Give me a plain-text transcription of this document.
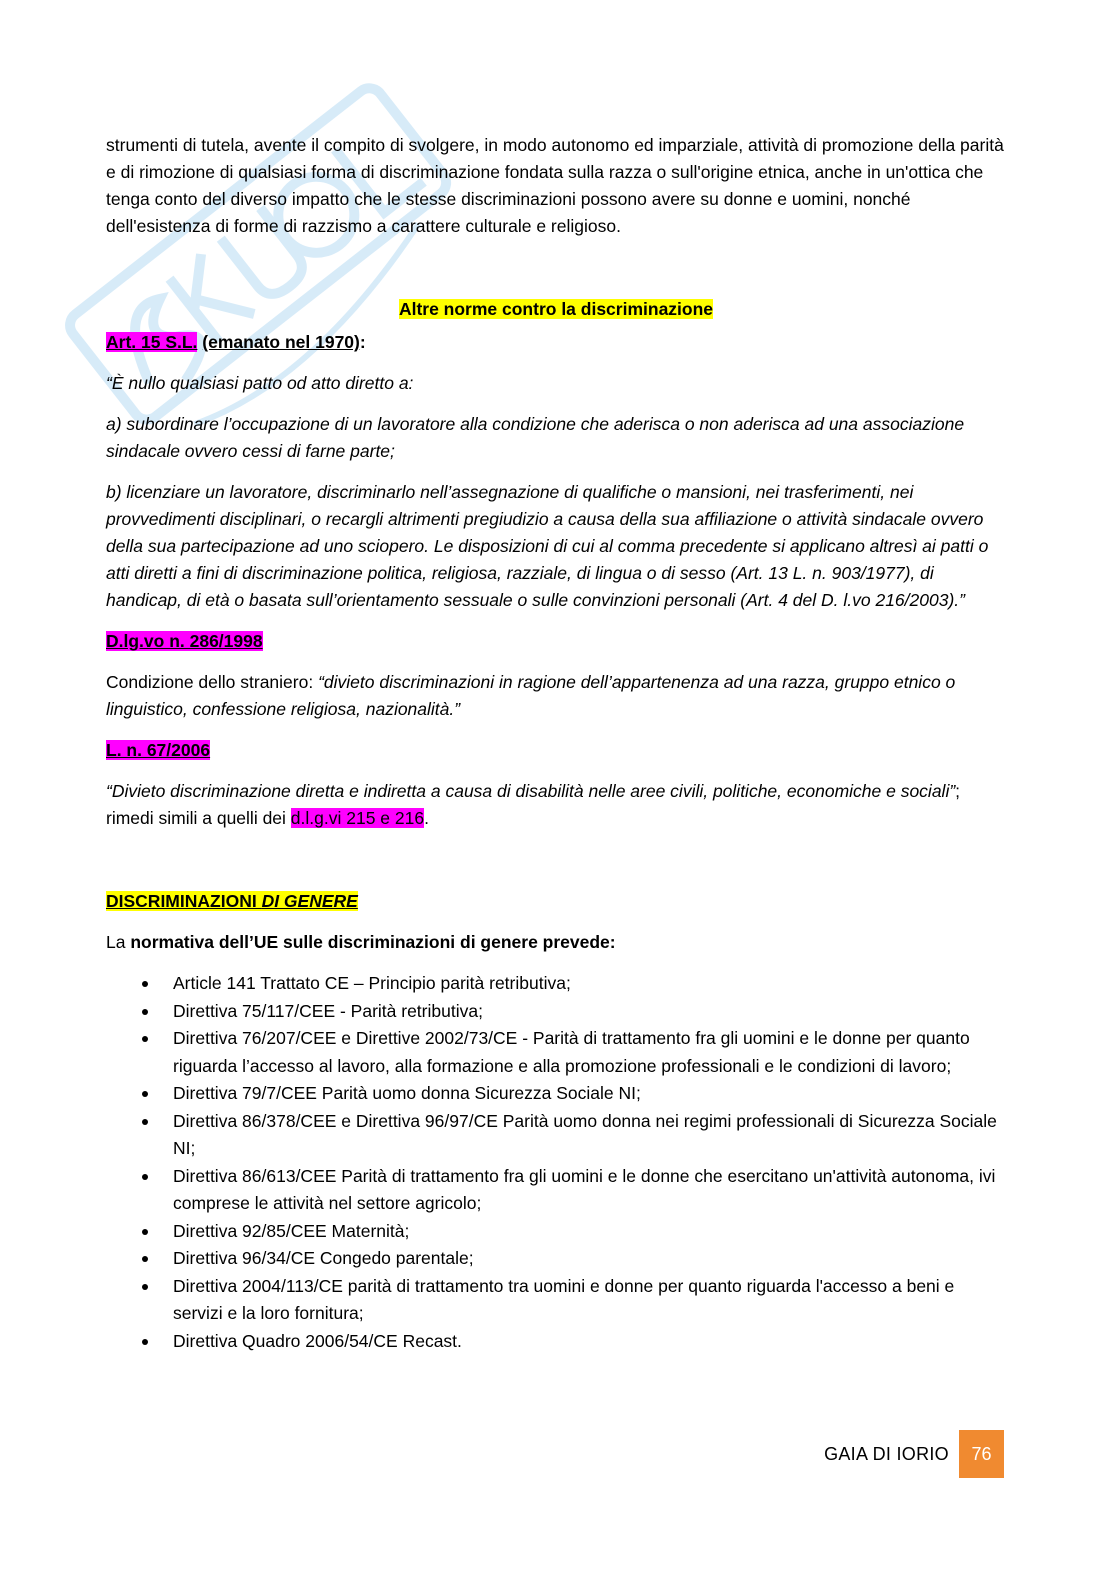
strumenti di tutela, avente il compito di svolgere, in modo autonomo ed imparziale, attività di promozione della parità e di rimozione di qualsiasi forma di discriminazione fondata sulla razza o sull'origine etnica, anche in un'ottica che tenga conto del diverso impatto che le stesse discriminazioni possono avere su donne e uomini, nonché dell'esistenza di forme di razzismo a carattere culturale e religioso.

Altre norme contro la discriminazione

Art. 15 S.L. (emanato nel 1970):

“È nullo qualsiasi patto od atto diretto a:

a) subordinare l’occupazione di un lavoratore alla condizione che aderisca o non aderisca ad una associazione sindacale ovvero cessi di farne parte;

b) licenziare un lavoratore, discriminarlo nell’assegnazione di qualifiche o mansioni, nei trasferimenti, nei provvedimenti disciplinari, o recargli altrimenti pregiudizio a causa della sua affiliazione o attività sindacale ovvero della sua partecipazione ad uno sciopero. Le disposizioni di cui al comma precedente si applicano altresì ai patti o atti diretti a fini di discriminazione politica, religiosa, razziale, di lingua o di sesso (Art. 13 L. n. 903/1977), di handicap, di età o basata sull’orientamento sessuale o sulle convinzioni personali (Art. 4 del D. l.vo 216/2003).”

D.lg.vo n. 286/1998

Condizione dello straniero: “divieto discriminazioni in ragione dell’appartenenza ad una razza, gruppo etnico o linguistico, confessione religiosa, nazionalità.”

L. n. 67/2006

“Divieto discriminazione diretta e indiretta a causa di disabilità nelle aree civili, politiche, economiche e sociali”; rimedi simili a quelli dei d.l.g.vi 215 e 216.

DISCRIMINAZIONI DI GENERE

La normativa dell’UE sulle discriminazioni di genere prevede:

Article 141 Trattato CE – Principio parità retributiva;
Direttiva 75/117/CEE - Parità retributiva;
Direttiva 76/207/CEE e Direttive 2002/73/CE - Parità di trattamento fra gli uomini e le donne per quanto riguarda l’accesso al lavoro, alla formazione e alla promozione professionali e le condizioni di lavoro;
Direttiva 79/7/CEE Parità uomo donna Sicurezza Sociale NI;
Direttiva 86/378/CEE e Direttiva 96/97/CE Parità uomo donna nei regimi professionali di Sicurezza Sociale NI;
Direttiva 86/613/CEE Parità di trattamento fra gli uomini e le donne che esercitano un'attività autonoma, ivi comprese le attività nel settore agricolo;
Direttiva 92/85/CEE Maternità;
Direttiva 96/34/CE Congedo parentale;
Direttiva 2004/113/CE parità di trattamento tra uomini e donne per quanto riguarda l'accesso a beni e servizi e la loro fornitura;
Direttiva Quadro 2006/54/CE Recast.
GAIA DI IORIO	76
